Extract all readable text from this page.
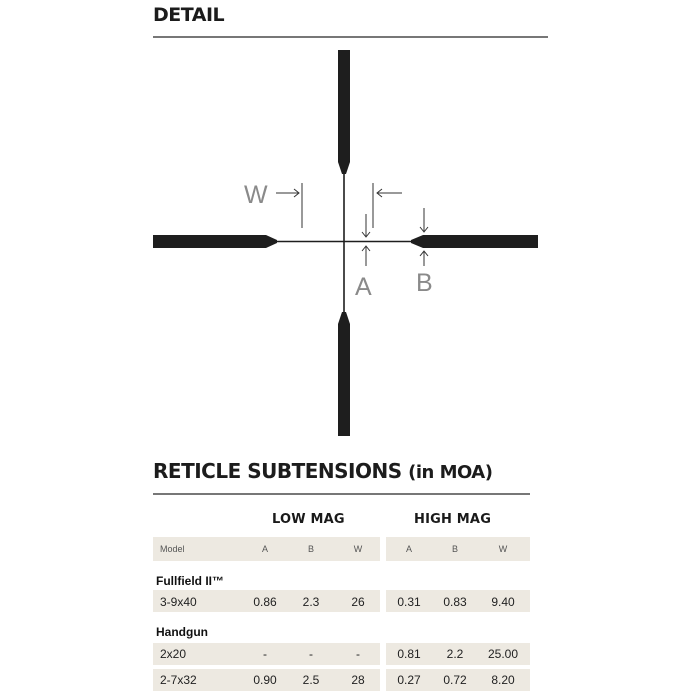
DETAIL
W
A B
RETICLE SUBTENSIONS (in MOA)
LOW MAG	HIGH MAG
Model	A	B	W	A	B	W
Fullfield II™
3-9x40	0.86	2.3	26	0.31	0.83	9.40
Handgun
2x20	-	-	-	0.81	2.2	25.00
2-7x32	0.90	2.5	28	0.27	0.72	8.20
